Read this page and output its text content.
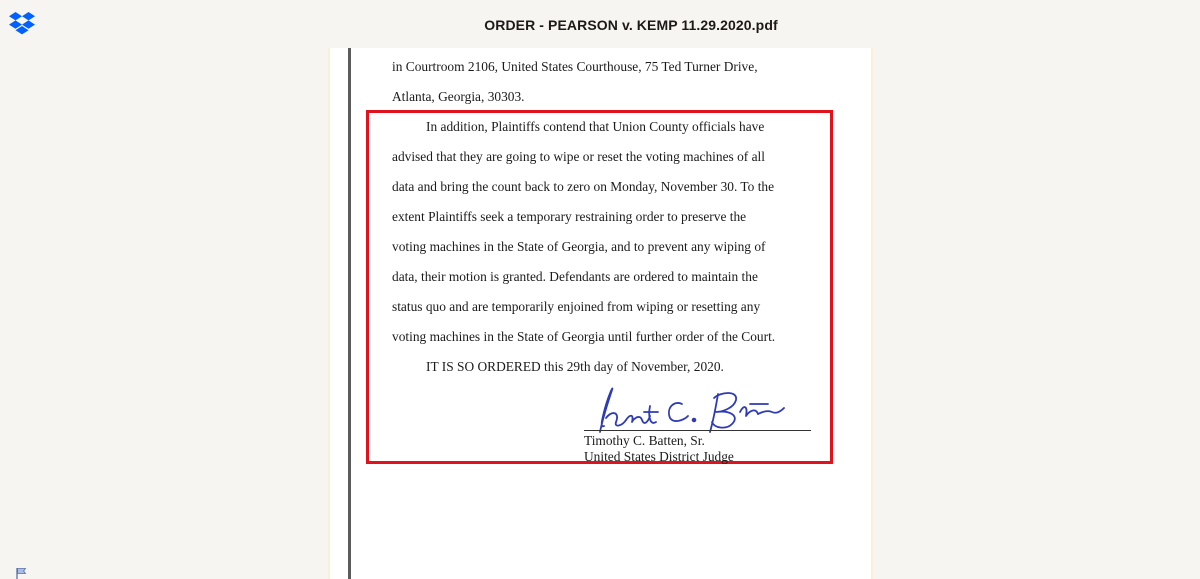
ORDER - PEARSON v. KEMP 11.29.2020.pdf
in Courtroom 2106, United States Courthouse, 75 Ted Turner Drive,
Atlanta, Georgia, 30303.
In addition, Plaintiffs contend that Union County officials have
advised that they are going to wipe or reset the voting machines of all
data and bring the count back to zero on Monday, November 30. To the
extent Plaintiffs seek a temporary restraining order to preserve the
voting machines in the State of Georgia, and to prevent any wiping of
data, their motion is granted. Defendants are ordered to maintain the
status quo and are temporarily enjoined from wiping or resetting any
voting machines in the State of Georgia until further order of the Court.
IT IS SO ORDERED this 29th day of November, 2020.
Timothy C. Batten, Sr.
United States District Judge
